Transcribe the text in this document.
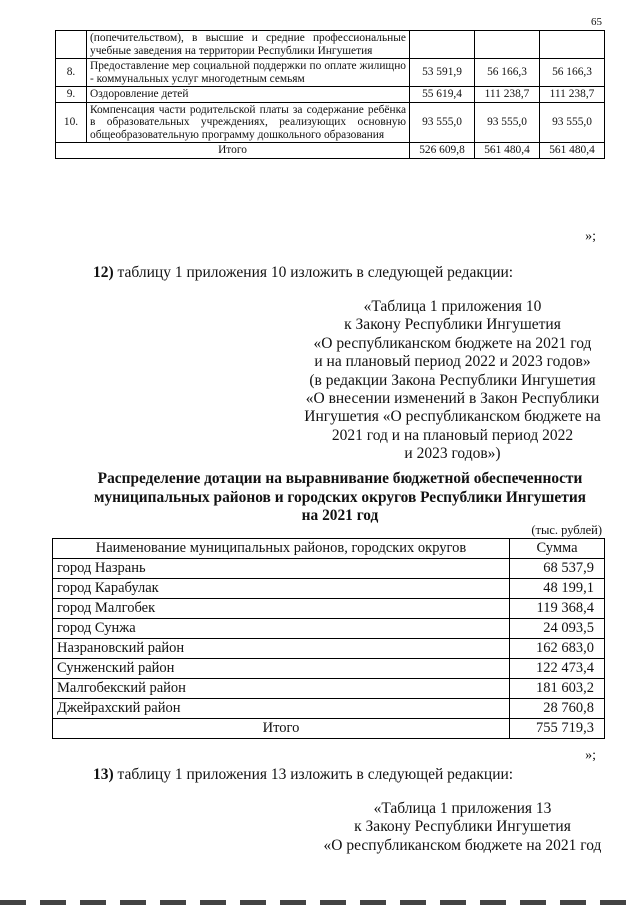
65
	(попечительством), в высшие и средние профессиональные учебные заведения на территории Республики Ингушетия			
8.	Предоставление мер социальной поддержки по оплате жилищно - коммунальных услуг многодетным семьям	53 591,9	56 166,3	56 166,3
9.	Оздоровление детей	55 619,4	111 238,7	111 238,7
10.	Компенсация части родительской платы за содержание ребёнка в образовательных учреждениях, реализующих основную общеобразовательную программу дошкольного образования	93 555,0	93 555,0	93 555,0
Итого		526 609,8	561 480,4	561 480,4
»;
12) таблицу 1 приложения 10 изложить в следующей редакции:
«Таблица 1 приложения 10
к Закону Республики Ингушетия
«О республиканском бюджете на 2021 год
и на плановый период 2022 и 2023 годов»
(в редакции Закона Республики Ингушетия
«О внесении изменений в Закон Республики
Ингушетия «О республиканском бюджете на
2021 год и на плановый период 2022
и 2023 годов»)
Распределение дотации на выравнивание бюджетной обеспеченности
муниципальных районов и городских округов Республики Ингушетия
на 2021 год
(тыс. рублей)
Наименование муниципальных районов, городских округов	Сумма
город Назрань	68 537,9
город Карабулак	48 199,1
город Малгобек	119 368,4
город Сунжа	24 093,5
Назрановский район	162 683,0
Сунженский район	122 473,4
Малгобекский район	181 603,2
Джейрахский район	28 760,8
Итого	755 719,3
»;
13) таблицу 1 приложения 13 изложить в следующей редакции:
«Таблица 1 приложения 13
к Закону Республики Ингушетия
«О республиканском бюджете на 2021 год
